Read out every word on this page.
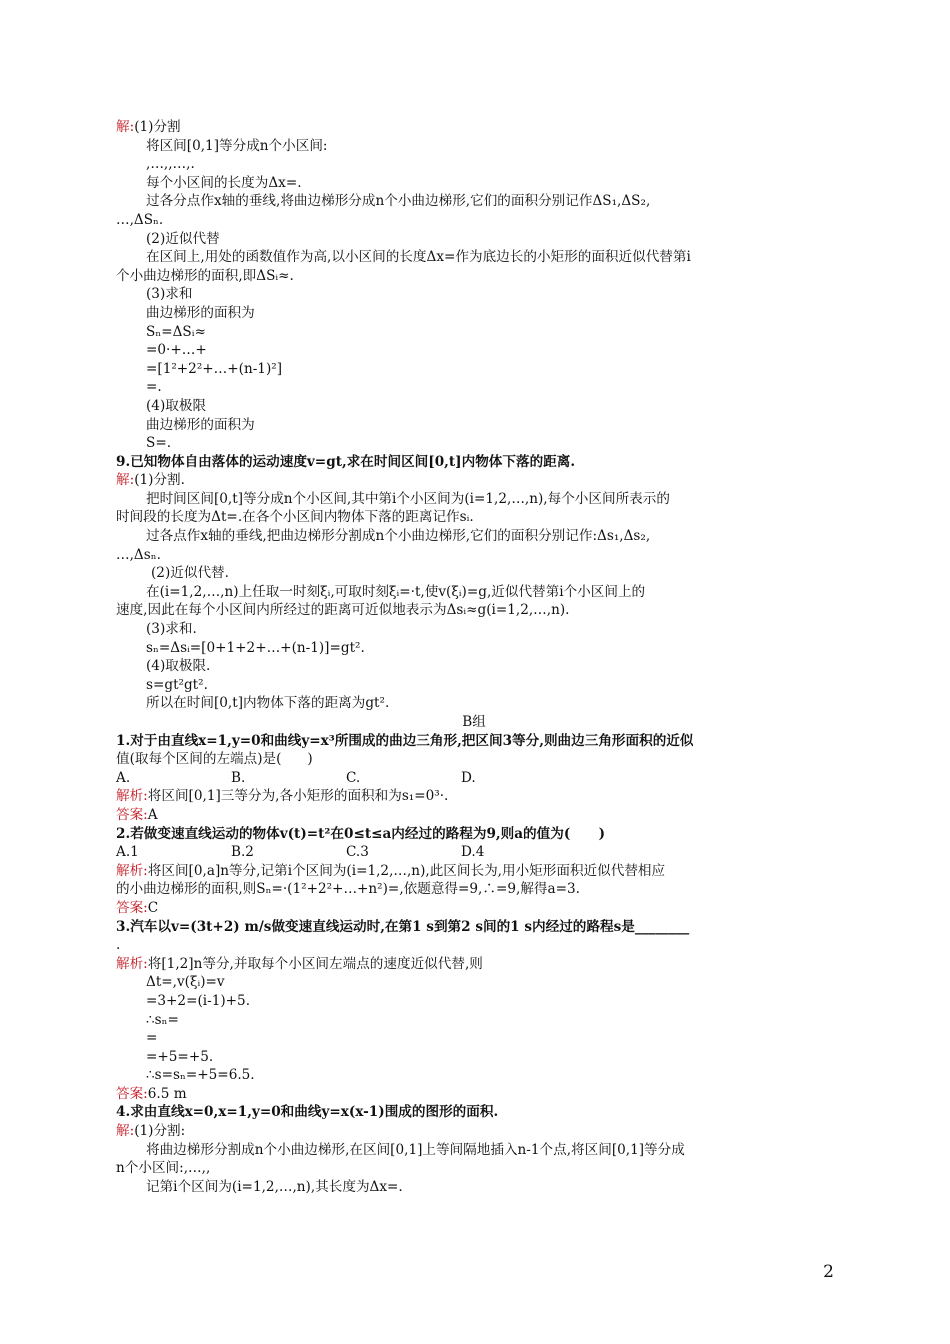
解:(1)分割

将区间[0,1]等分成n个小区间:

,…,,…,.

每个小区间的长度为Δx=.

过各分点作x轴的垂线,将曲边梯形分成n个小曲边梯形,它们的面积分别记作ΔS₁,ΔS₂,

…,ΔSₙ.

(2)近似代替

在区间上,用处的函数值作为高,以小区间的长度Δx=作为底边长的小矩形的面积近似代替第i

个小曲边梯形的面积,即ΔSᵢ≈.

(3)求和

曲边梯形的面积为

Sₙ=ΔSᵢ≈

=0·+…+

=[1²+2²+…+(n-1)²]

=.

(4)取极限

曲边梯形的面积为

S=.

9.已知物体自由落体的运动速度v=gt,求在时间区间[0,t]内物体下落的距离.

解:(1)分割.

把时间区间[0,t]等分成n个小区间,其中第i个小区间为(i=1,2,…,n),每个小区间所表示的

时间段的长度为Δt=.在各个小区间内物体下落的距离记作sᵢ.

过各点作x轴的垂线,把曲边梯形分割成n个小曲边梯形,它们的面积分别记作:Δs₁,Δs₂,

…,Δsₙ.

(2)近似代替.

在(i=1,2,…,n)上任取一时刻ξᵢ,可取时刻ξᵢ=·t,使v(ξᵢ)=g,近似代替第i个小区间上的

速度,因此在每个小区间内所经过的距离可近似地表示为Δsᵢ≈g(i=1,2,…,n).

(3)求和.

sₙ=Δsᵢ=[0+1+2+…+(n-1)]=gt².

(4)取极限.

s=gt²gt².

所以在时间[0,t]内物体下落的距离为gt².

B组

1.对于由直线x=1,y=0和曲线y=x³所围成的曲边三角形,把区间3等分,则曲边三角形面积的近似

值(取每个区间的左端点)是(      )

A.	B.	C.	D.

解析:将区间[0,1]三等分为,各小矩形的面积和为s₁=0³·.

答案:A

2.若做变速直线运动的物体v(t)=t²在0≤t≤a内经过的路程为9,则a的值为(      )

A.1	B.2	C.3	D.4

解析:将区间[0,a]n等分,记第i个区间为(i=1,2,…,n),此区间长为,用小矩形面积近似代替相应

的小曲边梯形的面积,则Sₙ=·(1²+2²+…+n²)=,依题意得=9,∴=9,解得a=3.

答案:C

3.汽车以v=(3t+2) m/s做变速直线运动时,在第1 s到第2 s间的1 s内经过的路程s是________

.

解析:将[1,2]n等分,并取每个小区间左端点的速度近似代替,则

Δt=,v(ξᵢ)=v

=3+2=(i-1)+5.

∴sₙ=

=

=+5=+5.

∴s=sₙ=+5=6.5.

答案:6.5 m

4.求由直线x=0,x=1,y=0和曲线y=x(x-1)围成的图形的面积.

解:(1)分割:

将曲边梯形分割成n个小曲边梯形,在区间[0,1]上等间隔地插入n-1个点,将区间[0,1]等分成

n个小区间:,…,,

记第i个区间为(i=1,2,…,n),其长度为Δx=.

2
